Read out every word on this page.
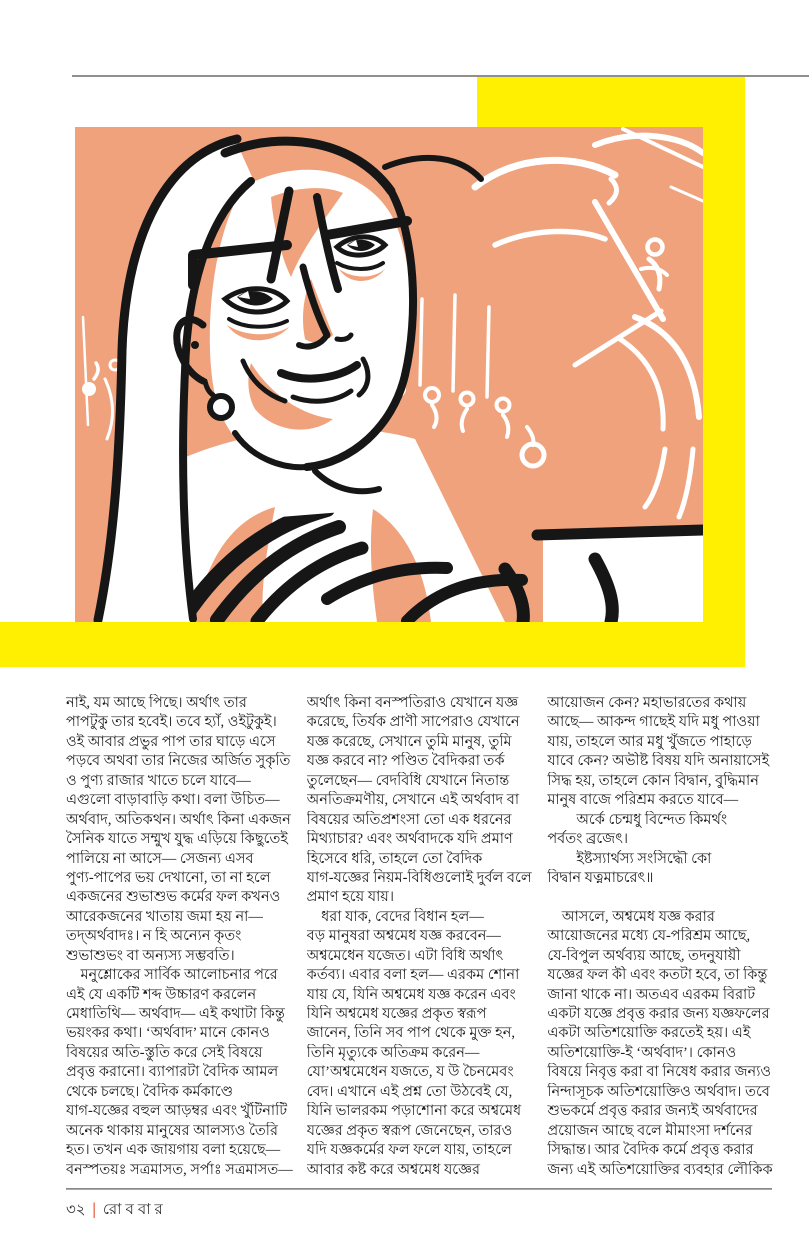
নাই, যম আছে পিছে। অর্থাৎ তার
পাপটুকু তার হবেই। তবে হ্যাঁ, ওইটুকুই।
ওই আবার প্রভুর পাপ তার ঘাড়ে এসে
পড়বে অথবা তার নিজের অর্জিত সুকৃতি
ও পুণ্য রাজার খাতে চলে যাবে—
এগুলো বাড়াবাড়ি কথা। বলা উচিত—
অর্থবাদ, অতিকথন। অর্থাৎ কিনা একজন
সৈনিক যাতে সম্মুখ যুদ্ধ এড়িয়ে কিছুতেই
পালিয়ে না আসে— সেজন্য এসব
পুণ্য-পাপের ভয় দেখানো, তা না হলে
একজনের শুভাশুভ কর্মের ফল কখনও
আরেকজনের খাতায় জমা হয় না—
তদ্‌অর্থবাদঃ। ন হি অন্যেন কৃতং
শুভাশুভং বা অন্যস্য সম্ভবতি।
মনুশ্লোকের সার্বিক আলোচনার পরে
এই যে একটি শব্দ উচ্চারণ করলেন
মেধাতিথি— অর্থবাদ— এই কথাটা কিন্তু
ভয়ংকর কথা। ‘অর্থবাদ’ মানে কোনও
বিষয়ের অতি-স্তুতি করে সেই বিষয়ে
প্রবৃত্ত করানো। ব্যাপারটা বৈদিক আমল
থেকে চলছে। বৈদিক কর্মকাণ্ডে
যাগ-যজ্ঞের বহুল আড়ম্বর এবং খুঁটিনাটি
অনেক থাকায় মানুষের আলস্যও তৈরি
হত। তখন এক জায়গায় বলা হয়েছে—
বনস্পতয়ঃ সত্রমাসত, সর্পাঃ সত্রমাসত—
অর্থাৎ কিনা বনস্পতিরাও যেখানে যজ্ঞ
করেছে, তির্যক প্রাণী সাপেরাও যেখানে
যজ্ঞ করেছে, সেখানে তুমি মানুষ, তুমি
যজ্ঞ করবে না? পণ্ডিত বৈদিকরা তর্ক
তুলেছেন— বেদবিধি যেখানে নিতান্ত
অনতিক্রমণীয়, সেখানে এই অর্থবাদ বা
বিষয়ের অতিপ্রশংসা তো এক ধরনের
মিথ্যাচার? এবং অর্থবাদকে যদি প্রমাণ
হিসেবে ধরি, তাহলে তো বৈদিক
যাগ-যজ্ঞের নিয়ম-বিধিগুলোই দুর্বল বলে
প্রমাণ হয়ে যায়।
ধরা যাক, বেদের বিধান হল—
বড় মানুষরা অশ্বমেধ যজ্ঞ করবেন—
অশ্বমেধেন যজেত। এটা বিধি অর্থাৎ
কর্তব্য। এবার বলা হল— এরকম শোনা
যায় যে, যিনি অশ্বমেধ যজ্ঞ করেন এবং
যিনি অশ্বমেধ যজ্ঞের প্রকৃত স্বরূপ
জানেন, তিনি সব পাপ থেকে মুক্ত হন,
তিনি মৃত্যুকে অতিক্রম করেন—
যো’অশ্বমেধেন যজতে, য উ চৈনমেবং
বেদ। এখানে এই প্রশ্ন তো উঠবেই যে,
যিনি ভালরকম পড়াশোনা করে অশ্বমেধ
যজ্ঞের প্রকৃত স্বরূপ জেনেছেন, তারও
যদি যজ্ঞকর্মের ফল ফলে যায়, তাহলে
আবার কষ্ট করে অশ্বমেধ যজ্ঞের
আয়োজন কেন? মহাভারতের কথায়
আছে— আকন্দ গাছেই যদি মধু পাওয়া
যায়, তাহলে আর মধু খুঁজতে পাহাড়ে
যাবে কেন? অভীষ্ট বিষয় যদি অনায়াসেই
সিদ্ধ হয়, তাহলে কোন বিদ্বান, বুদ্ধিমান
মানুষ বাজে পরিশ্রম করতে যাবে—
অর্কে চেন্মধু বিন্দেত কিমর্থং
পর্বতং ব্রজেৎ।
ইষ্টস্যার্থস্য সংসিদ্ধৌ কো
বিদ্বান যত্নমাচরেৎ॥
আসলে, অশ্বমেধ যজ্ঞ করার
আয়োজনের মধ্যে যে-পরিশ্রম আছে,
যে-বিপুল অর্থব্যয় আছে, তদনুযায়ী
যজ্ঞের ফল কী এবং কতটা হবে, তা কিন্তু
জানা থাকে না। অতএব এরকম বিরাট
একটা যজ্ঞে প্রবৃত্ত করার জন্য যজ্ঞফলের
একটা অতিশয়োক্তি করতেই হয়। এই
অতিশয়োক্তি-ই ‘অর্থবাদ’। কোনও
বিষয়ে নিবৃত্ত করা বা নিষেধ করার জন্যও
নিন্দাসূচক অতিশয়োক্তিও অর্থবাদ। তবে
শুভকর্মে প্রবৃত্ত করার জন্যই অর্থবাদের
প্রয়োজন আছে বলে মীমাংসা দর্শনের
সিদ্ধান্ত। আর বৈদিক কর্মে প্রবৃত্ত করার
জন্য এই অতিশয়োক্তির ব্যবহার লৌকিক
৩২ | রোববার
